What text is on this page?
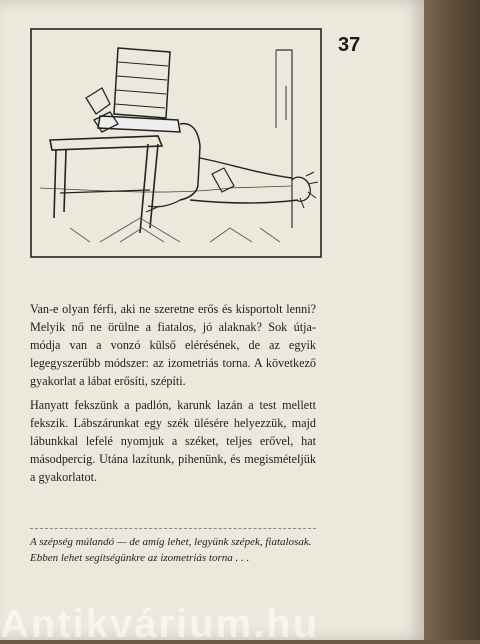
37

Van-e olyan férfi, aki ne szeretne erős és kisportolt lenni? Melyik nő ne örülne a fiatalos, jó alaknak? Sok útja-módja van a vonzó külső elérésének, de az egyik legegyszerűbb módszer: az izometriás torna. A következő gyakorlat a lábat erősíti, szépíti.

Hanyatt fekszünk a padlón, karunk lazán a test mellett fekszik. Lábszárunkat egy szék ülésére helyezzük, majd lábunkkal lefelé nyomjuk a széket, teljes erővel, hat másodpercig. Utána lazítunk, pihenünk, és megismételjük a gyakorlatot.

A szépség múlandó — de amíg lehet, legyünk szépek, fiatalosak. Ebben lehet segítségünkre az izometriás torna . . .
Antikvárium.hu
